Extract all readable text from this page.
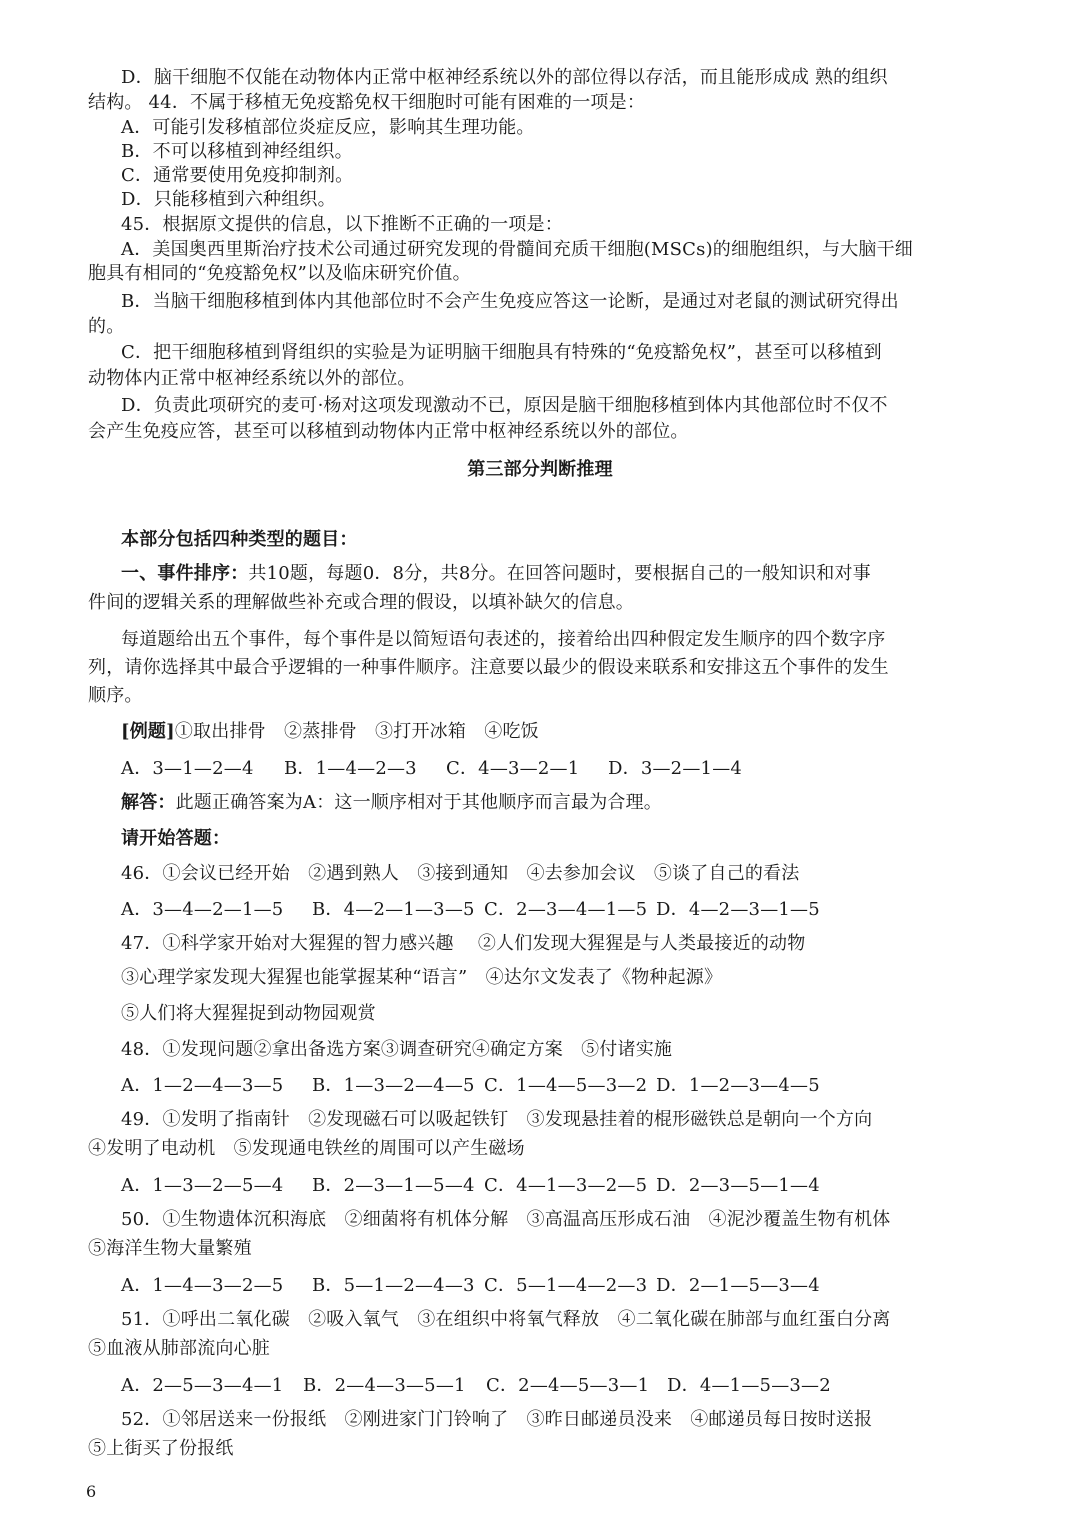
D．脑干细胞不仅能在动物体内正常中枢神经系统以外的部位得以存活，而且能形成成 熟的组织

结构。 44．不属于移植无免疫豁免权干细胞时可能有困难的一项是：

A．可能引发移植部位炎症反应，影响其生理功能。

B．不可以移植到神经组织。

C．通常要使用免疫抑制剂。

D．只能移植到六种组织。

45．根据原文提供的信息，以下推断不正确的一项是：

A．美国奥西里斯治疗技术公司通过研究发现的骨髓间充质干细胞(MSCs)的细胞组织，与大脑干细

胞具有相同的“免疫豁免权”以及临床研究价值。

B．当脑干细胞移植到体内其他部位时不会产生免疫应答这一论断，是通过对老鼠的测试研究得出

的。

C．把干细胞移植到肾组织的实验是为证明脑干细胞具有特殊的“免疫豁免权”，甚至可以移植到

动物体内正常中枢神经系统以外的部位。

D．负责此项研究的麦可·杨对这项发现激动不已，原因是脑干细胞移植到体内其他部位时不仅不

会产生免疫应答，甚至可以移植到动物体内正常中枢神经系统以外的部位。

第三部分判断推理

本部分包括四种类型的题目：

一、事件排序：共10题，每题0．8分，共8分。在回答问题时，要根据自己的一般知识和对事

件间的逻辑关系的理解做些补充或合理的假设，以填补缺欠的信息。

每道题给出五个事件，每个事件是以简短语句表述的，接着给出四种假定发生顺序的四个数字序

列，请你选择其中最合乎逻辑的一种事件顺序。注意要以最少的假设来联系和安排这五个事件的发生

顺序。

[例题]①取出排骨　②蒸排骨　③打开冰箱　④吃饭

A．3—1—2—4 B．1—4—2—3 C．4—3—2—1 D．3—2—1—4

解答：此题正确答案为A：这一顺序相对于其他顺序而言最为合理。

请开始答题：

46．①会议已经开始　②遇到熟人　③接到通知　④去参加会议　⑤谈了自己的看法

A．3—4—2—1—5 B．4—2—1—3—5 C．2—3—4—1—5 D．4—2—3—1—5

47．①科学家开始对大猩猩的智力感兴趣　 ②人们发现大猩猩是与人类最接近的动物

③心理学家发现大猩猩也能掌握某种“语言”　④达尔文发表了《物种起源》

⑤人们将大猩猩捉到动物园观赏

48．①发现问题②拿出备选方案③调查研究④确定方案　⑤付诸实施

A．1—2—4—3—5 B．1—3—2—4—5 C．1—4—5—3—2 D．1—2—3—4—5

49．①发明了指南针　②发现磁石可以吸起铁钉　③发现悬挂着的棍形磁铁总是朝向一个方向

④发明了电动机　⑤发现通电铁丝的周围可以产生磁场

A．1—3—2—5—4 B．2—3—1—5—4 C．4—1—3—2—5 D．2—3—5—1—4

50．①生物遗体沉积海底　②细菌将有机体分解　③高温高压形成石油　④泥沙覆盖生物有机体

⑤海洋生物大量繁殖

A．1—4—3—2—5 B．5—1—2—4—3 C．5—1—4—2—3 D．2—1—5—3—4

51．①呼出二氧化碳　②吸入氧气　③在组织中将氧气释放　④二氧化碳在肺部与血红蛋白分离

⑤血液从肺部流向心脏

A．2—5—3—4—1 B．2—4—3—5—1 C．2—4—5—3—1 D．4—1—5—3—2

52．①邻居送来一份报纸　②刚进家门门铃响了　③昨日邮递员没来　④邮递员每日按时送报

⑤上街买了份报纸

6
